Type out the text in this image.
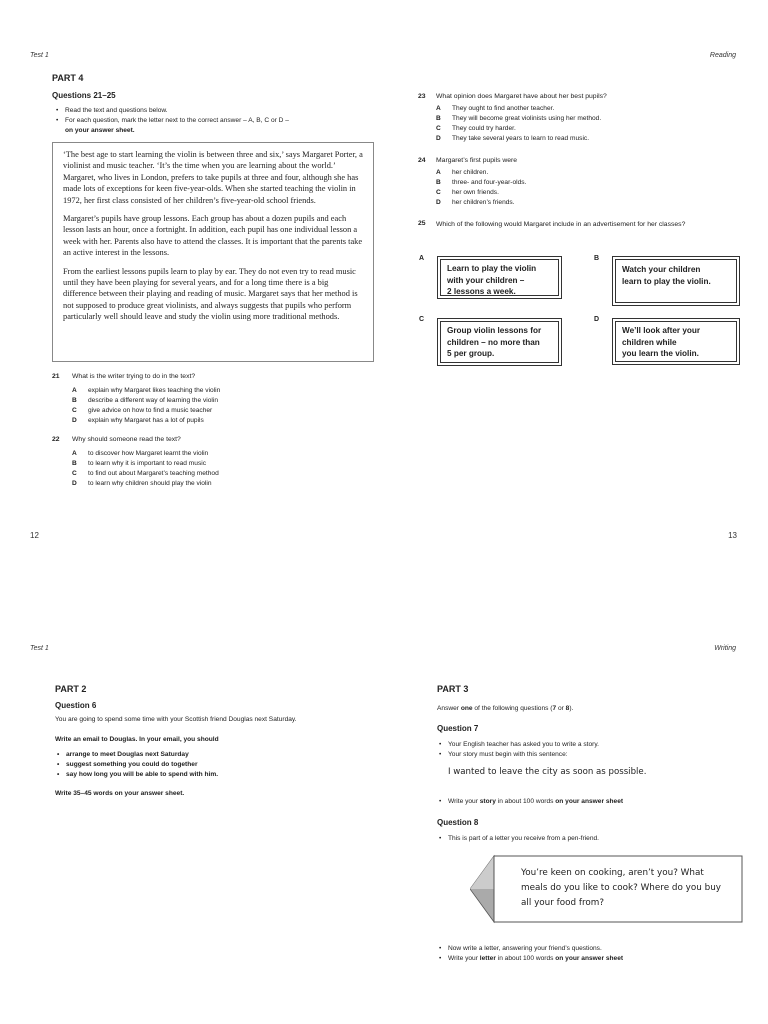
Test 1	Reading
PART 4
Questions 21–25
• Read the text and questions below.
• For each question, mark the letter next to the correct answer – A, B, C or D –
on your answer sheet.

‘The best age to start learning the violin is between three and six,’ says Margaret Porter, a violinist and music teacher. ‘It’s the time when you are learning about the world.’ Margaret, who lives in London, prefers to take pupils at three and four, although she has made lots of exceptions for keen five-year-olds. When she started teaching the violin in 1972, her first class consisted of her children’s five-year-old school friends.

Margaret’s pupils have group lessons. Each group has about a dozen pupils and each lesson lasts an hour, once a fortnight. In addition, each pupil has one individual lesson a week with her. Parents also have to attend the classes. It is important that the parents take an active interest in the lessons.

From the earliest lessons pupils learn to play by ear. They do not even try to read music until they have been playing for several years, and for a long time there is a big difference between their playing and reading of music. Margaret says that her method is not supposed to produce great violinists, and always suggests that pupils who perform particularly well should leave and study the violin using more traditional methods.

21	What is the writer trying to do in the text?
A	explain why Margaret likes teaching the violin
B	describe a different way of learning the violin
C	give advice on how to find a music teacher
D	explain why Margaret has a lot of pupils
22	Why should someone read the text?
A	to discover how Margaret learnt the violin
B	to learn why it is important to read music
C	to find out about Margaret’s teaching method
D	to learn why children should play the violin
23	What opinion does Margaret have about her best pupils?
A	They ought to find another teacher.
B	They will become great violinists using her method.
C	They could try harder.
D	They take several years to learn to read music.
24	Margaret’s first pupils were
A	her children.
B	three- and four-year-olds.
C	her own friends.
D	her children’s friends.
25	Which of the following would Margaret include in an advertisement for her classes?
A
Learn to play the violin
with your children –
2 lessons a week.
B
Watch your children
learn to play the violin.
C
Group violin lessons for
children – no more than
5 per group.
D
We’ll look after your
children while
you learn the violin.
12	13
Test 1	Writing
PART 2
Question 6
You are going to spend some time with your Scottish friend Douglas next Saturday.
Write an email to Douglas. In your email, you should
• arrange to meet Douglas next Saturday
• suggest something you could do together
• say how long you will be able to spend with him.
Write 35–45 words on your answer sheet.
PART 3
Answer one of the following questions (7 or 8).
Question 7
• Your English teacher has asked you to write a story.
• Your story must begin with this sentence:
I wanted to leave the city as soon as possible.
• Write your story in about 100 words on your answer sheet
Question 8
• This is part of a letter you receive from a pen-friend.
You’re keen on cooking, aren’t you? What
meals do you like to cook? Where do you buy
all your food from?
• Now write a letter, answering your friend’s questions.
• Write your letter in about 100 words on your answer sheet
